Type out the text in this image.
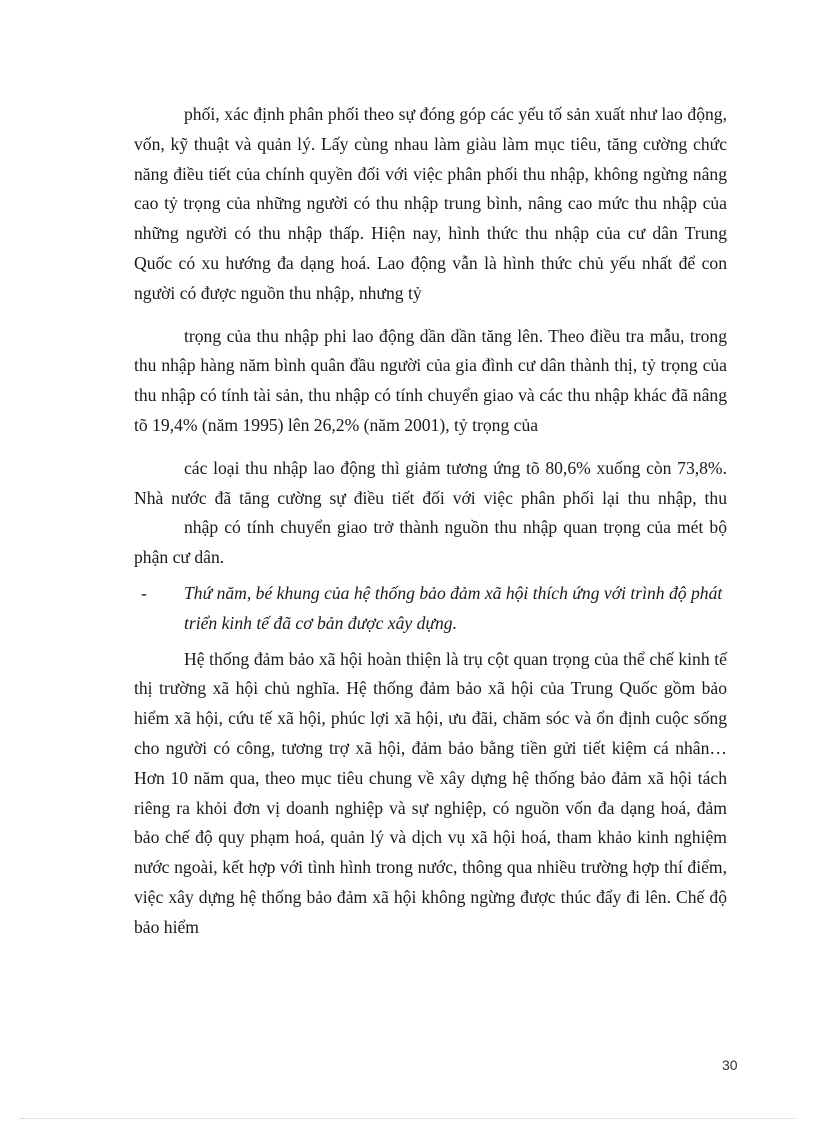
phối, xác định phân phối theo sự đóng góp các yếu tố sản xuất như lao động, vốn, kỹ thuật và quản lý. Lấy cùng nhau làm giàu làm mục tiêu, tăng cường chức năng điều tiết của chính quyền đối với việc phân phối thu nhập, không ngừng nâng cao tỷ trọng của những người có thu nhập trung bình, nâng cao mức thu nhập của những người có thu nhập thấp. Hiện nay, hình thức thu nhập của cư dân Trung Quốc có xu hướng đa dạng hoá. Lao động vẫn là hình thức chủ yếu nhất để con người có được nguồn thu nhập, nhưng tỷ

trọng của thu nhập phi lao động dần dần tăng lên. Theo điều tra mẫu, trong thu nhập hàng năm bình quân đầu người của gia đình cư dân thành thị, tỷ trọng của thu nhập có tính tài sản, thu nhập có tính chuyển giao và các thu nhập khác đã nâng tõ 19,4% (năm 1995) lên 26,2% (năm 2001), tỷ trọng của

các loại thu nhập lao động thì giảm tương ứng tõ 80,6% xuống còn 73,8%. Nhà nước đã tăng cường sự điều tiết đối với việc phân phối lại thu nhập, thu

nhập có tính chuyển giao trở thành nguồn thu nhập quan trọng của mét bộ phận cư dân.

- Thứ năm, bé khung của hệ thống bảo đảm xã hội thích ứng với trình độ phát triển kinh tế đã cơ bản được xây dựng.

Hệ thống đảm bảo xã hội hoàn thiện là trụ cột quan trọng của thể chế kinh tế thị trường xã hội chủ nghĩa. Hệ thống đảm bảo xã hội của Trung Quốc gồm bảo hiểm xã hội, cứu tế xã hội, phúc lợi xã hội, ưu đãi, chăm sóc và ổn định cuộc sống cho người có công, tương trợ xã hội, đảm bảo bằng tiền gửi tiết kiệm cá nhân… Hơn 10 năm qua, theo mục tiêu chung về xây dựng hệ thống bảo đảm xã hội tách riêng ra khỏi đơn vị doanh nghiệp và sự nghiệp, có nguồn vốn đa dạng hoá, đảm bảo chế độ quy phạm hoá, quản lý và dịch vụ xã hội hoá, tham khảo kinh nghiệm nước ngoài, kết hợp với tình hình trong nước, thông qua nhiều trường hợp thí điểm, việc xây dựng hệ thống bảo đảm xã hội không ngừng được thúc đẩy đi lên. Chế độ bảo hiểm

30
